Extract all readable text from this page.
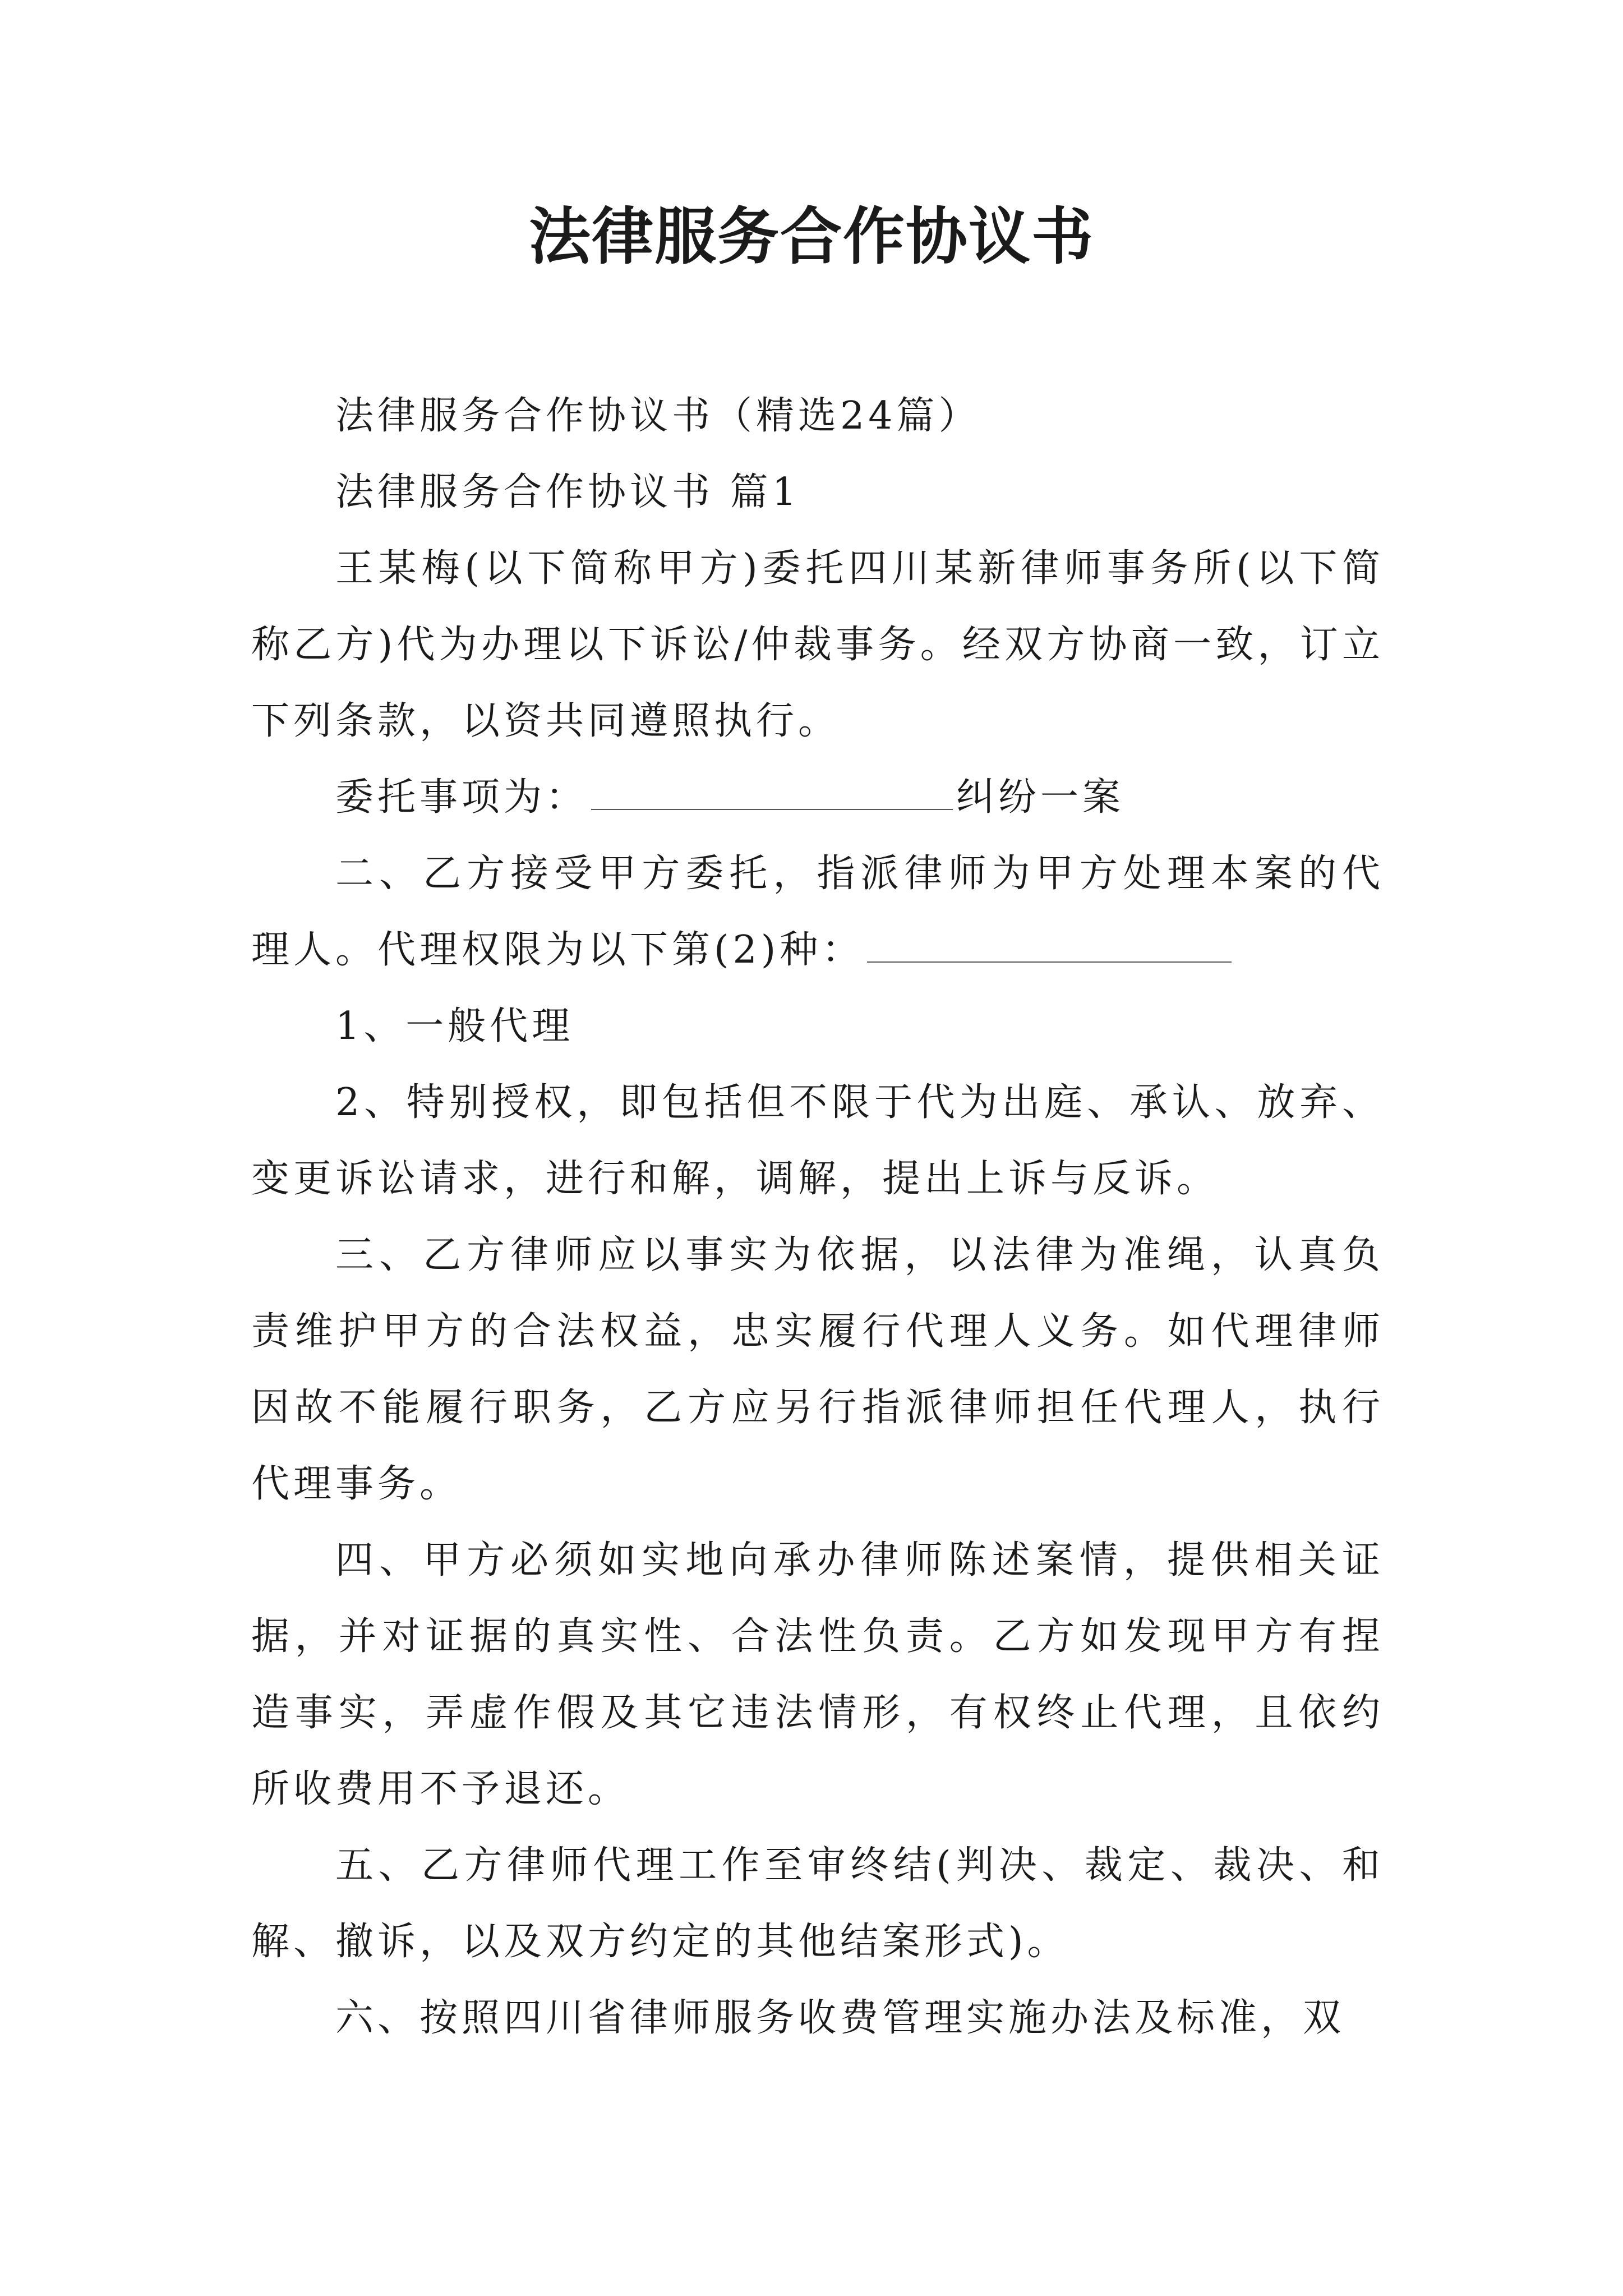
法律服务合作协议书

法律服务合作协议书（精选24篇）

法律服务合作协议书 篇1

王某梅(以下简称甲方)委托四川某新律师事务所(以下简称乙方)代为办理以下诉讼/仲裁事务。经双方协商一致，订立下列条款，以资共同遵照执行。

委托事项为：	纠纷一案

二、乙方接受甲方委托，指派律师为甲方处理本案的代理人。代理权限为以下第(2)种：

1、一般代理

2、特别授权，即包括但不限于代为出庭、承认、放弃、变更诉讼请求，进行和解，调解，提出上诉与反诉。

三、乙方律师应以事实为依据，以法律为准绳，认真负责维护甲方的合法权益，忠实履行代理人义务。如代理律师因故不能履行职务，乙方应另行指派律师担任代理人，执行代理事务。

四、甲方必须如实地向承办律师陈述案情，提供相关证据，并对证据的真实性、合法性负责。乙方如发现甲方有捏造事实，弄虚作假及其它违法情形，有权终止代理，且依约所收费用不予退还。

五、乙方律师代理工作至审终结(判决、裁定、裁决、和解、撤诉，以及双方约定的其他结案形式)。

六、按照四川省律师服务收费管理实施办法及标准，双
